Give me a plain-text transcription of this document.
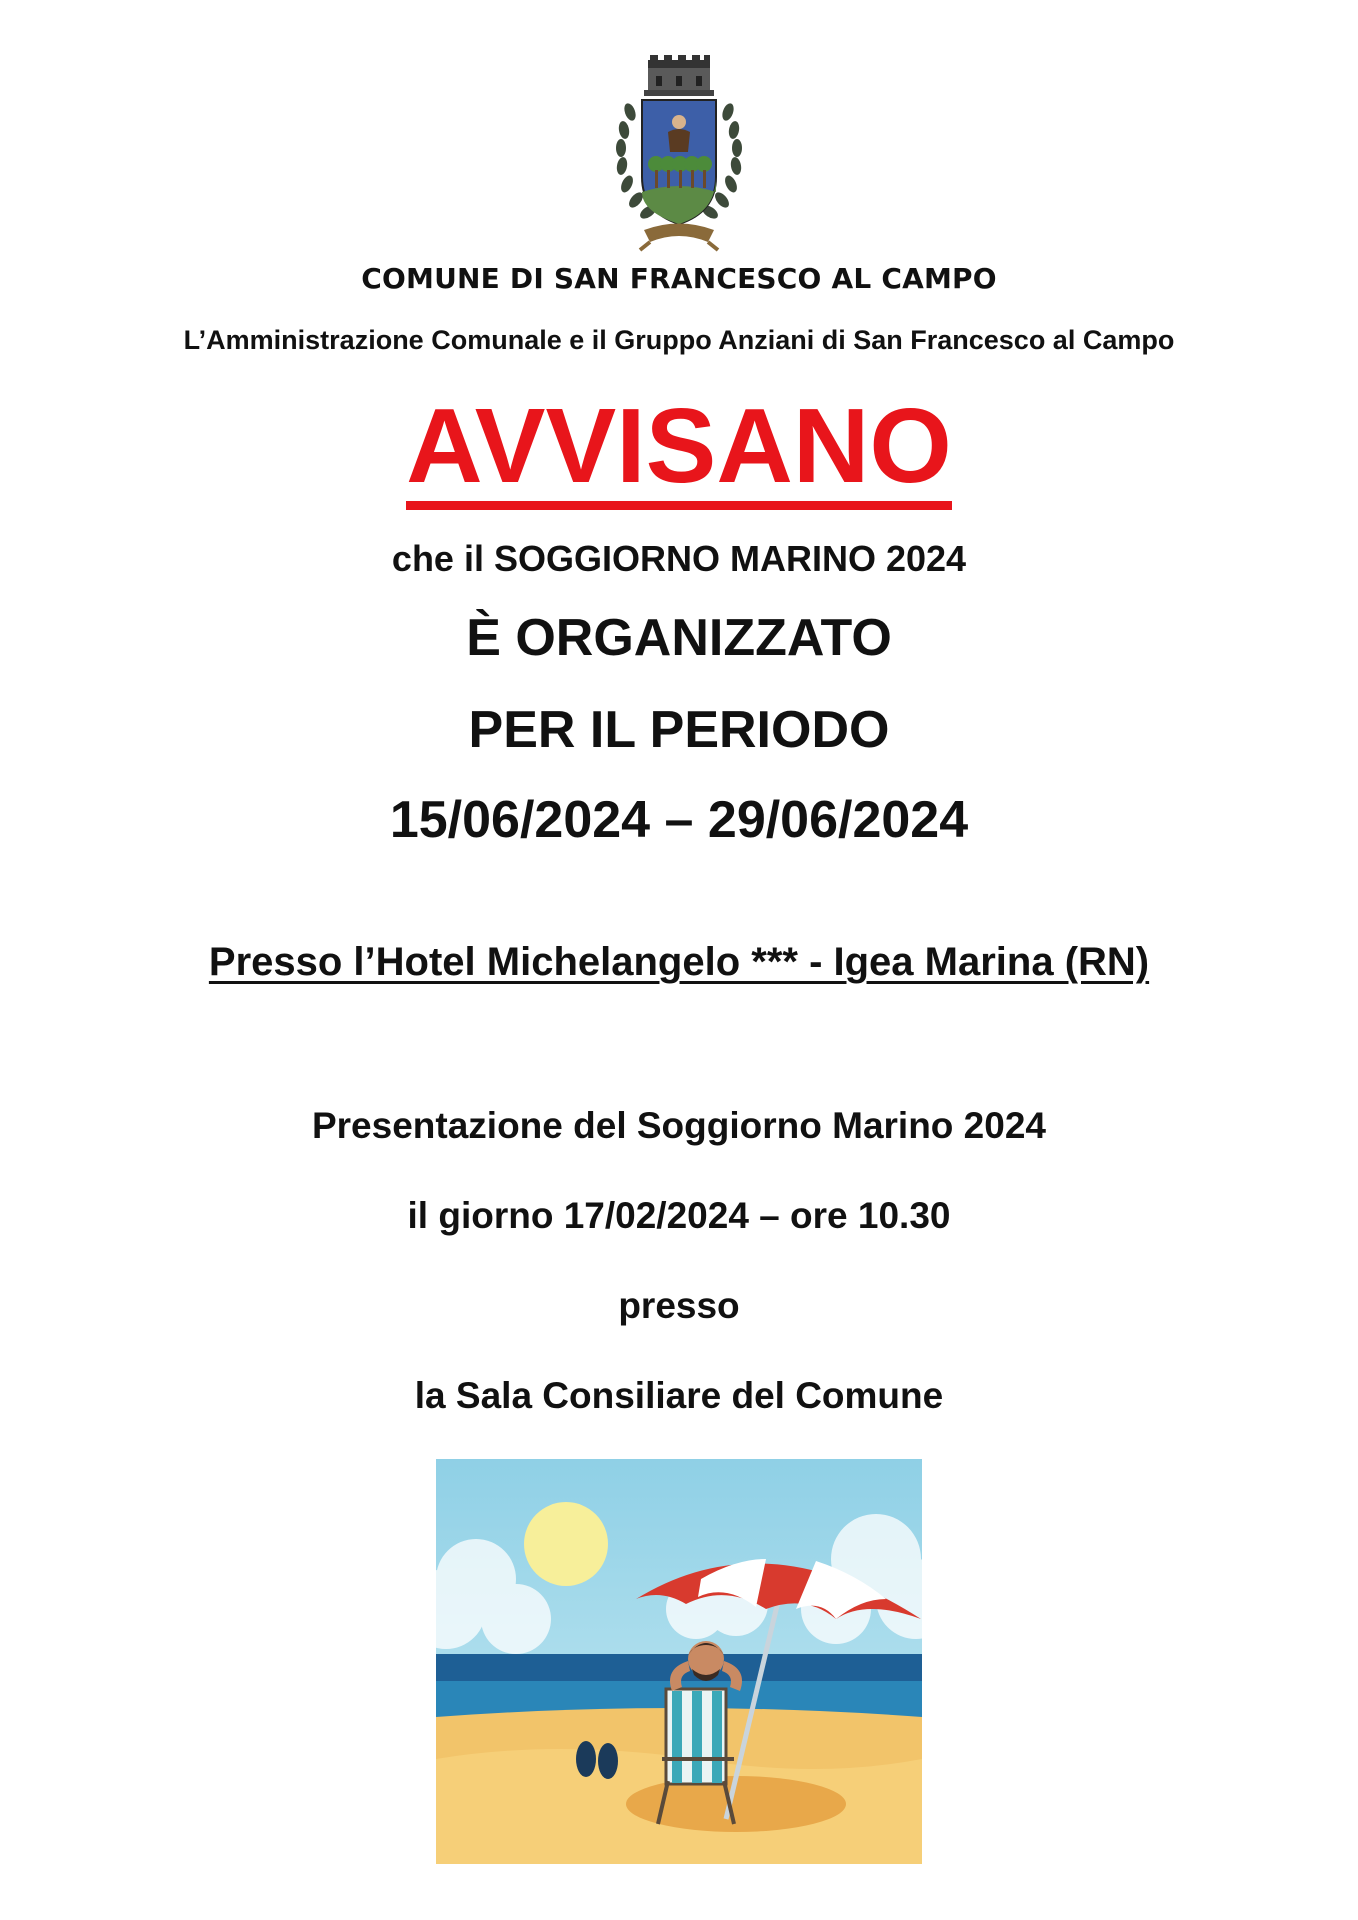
COMUNE DI SAN FRANCESCO AL CAMPO
L’Amministrazione Comunale e il Gruppo Anziani di San Francesco al Campo
AVVISANO
che il SOGGIORNO MARINO 2024
È ORGANIZZATO
PER IL PERIODO
15/06/2024 – 29/06/2024
Presso l’Hotel Michelangelo *** - Igea Marina (RN)
Presentazione del Soggiorno Marino 2024
il giorno 17/02/2024 – ore 10.30
presso
la Sala Consiliare del Comune
